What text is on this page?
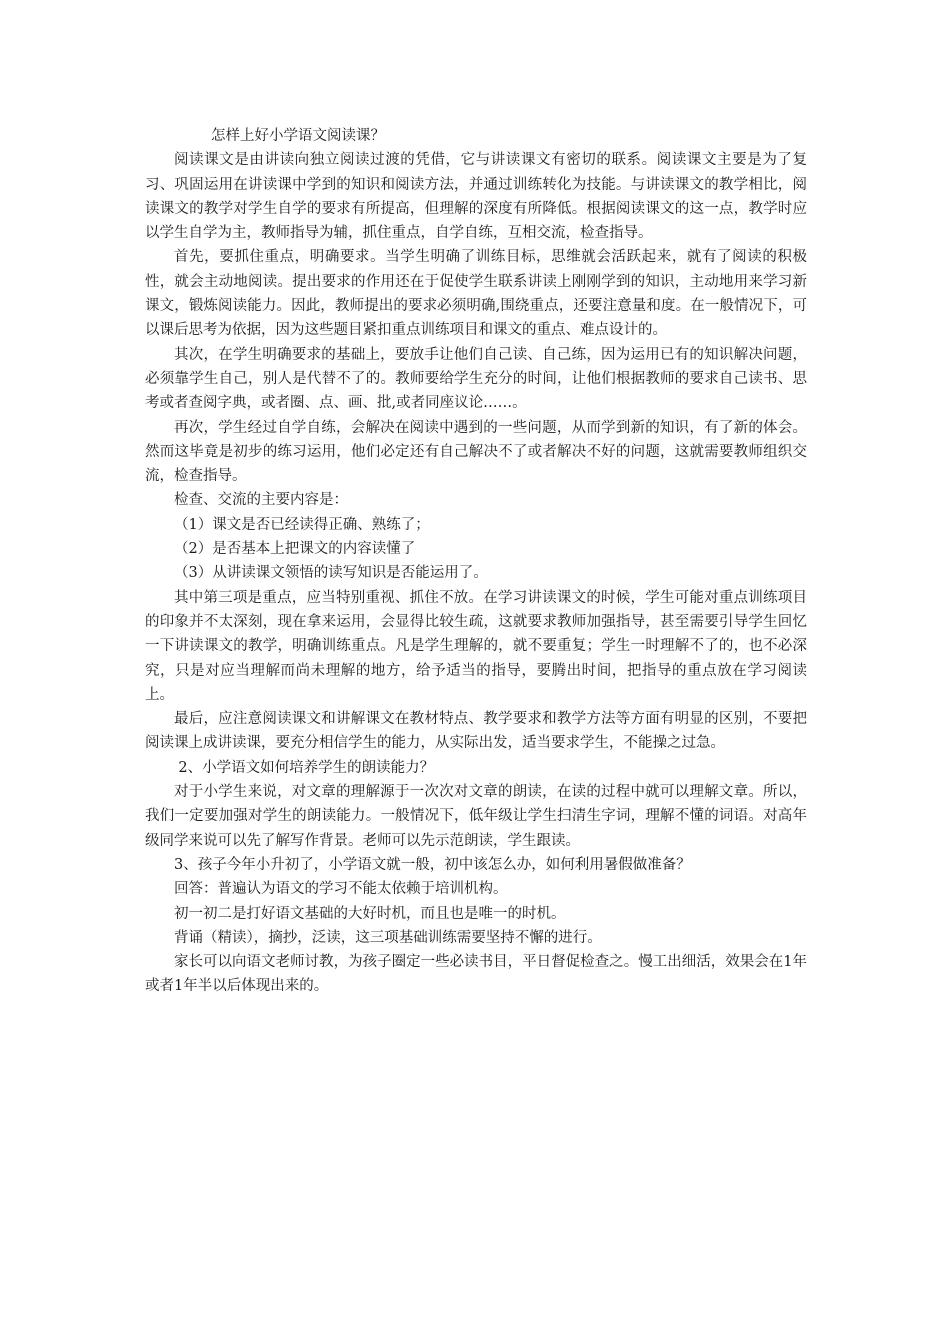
怎样上好小学语文阅读课？

阅读课文是由讲读向独立阅读过渡的凭借，它与讲读课文有密切的联系。阅读课文主要是为了复习、巩固运用在讲读课中学到的知识和阅读方法，并通过训练转化为技能。与讲读课文的教学相比，阅读课文的教学对学生自学的要求有所提高，但理解的深度有所降低。根据阅读课文的这一点，教学时应以学生自学为主，教师指导为辅，抓住重点，自学自练，互相交流，检查指导。

首先，要抓住重点，明确要求。当学生明确了训练目标，思维就会活跃起来，就有了阅读的积极性，就会主动地阅读。提出要求的作用还在于促使学生联系讲读上刚刚学到的知识，主动地用来学习新课文，锻炼阅读能力。因此，教师提出的要求必须明确,围绕重点，还要注意量和度。在一般情况下，可以课后思考为依据，因为这些题目紧扣重点训练项目和课文的重点、难点设计的。

其次，在学生明确要求的基础上，要放手让他们自己读、自己练，因为运用已有的知识解决问题，必须靠学生自己，别人是代替不了的。教师要给学生充分的时间，让他们根据教师的要求自己读书、思考或者查阅字典，或者圈、点、画、批,或者同座议论……。

再次，学生经过自学自练，会解决在阅读中遇到的一些问题，从而学到新的知识，有了新的体会。然而这毕竟是初步的练习运用，他们必定还有自己解决不了或者解决不好的问题，这就需要教师组织交流，检查指导。

检查、交流的主要内容是：

（1）课文是否已经读得正确、熟练了；

（2）是否基本上把课文的内容读懂了

（3）从讲读课文领悟的读写知识是否能运用了。

其中第三项是重点，应当特别重视、抓住不放。在学习讲读课文的时候，学生可能对重点训练项目的印象并不太深刻，现在拿来运用，会显得比较生疏，这就要求教师加强指导，甚至需要引导学生回忆一下讲读课文的教学，明确训练重点。凡是学生理解的，就不要重复；学生一时理解不了的，也不必深究，只是对应当理解而尚未理解的地方，给予适当的指导，要腾出时间，把指导的重点放在学习阅读上。

最后，应注意阅读课文和讲解课文在教材特点、教学要求和教学方法等方面有明显的区别，不要把阅读课上成讲读课，要充分相信学生的能力，从实际出发，适当要求学生，不能操之过急。

2、小学语文如何培养学生的朗读能力？

对于小学生来说，对文章的理解源于一次次对文章的朗读，在读的过程中就可以理解文章。所以，我们一定要加强对学生的朗读能力。一般情况下，低年级让学生扫清生字词，理解不懂的词语。对高年级同学来说可以先了解写作背景。老师可以先示范朗读，学生跟读。

3、孩子今年小升初了，小学语文就一般，初中该怎么办，如何利用暑假做准备？

回答：普遍认为语文的学习不能太依赖于培训机构。

初一初二是打好语文基础的大好时机，而且也是唯一的时机。

背诵（精读），摘抄，泛读，这三项基础训练需要坚持不懈的进行。

家长可以向语文老师讨教，为孩子圈定一些必读书目，平日督促检查之。慢工出细活，效果会在1年或者1年半以后体现出来的。
